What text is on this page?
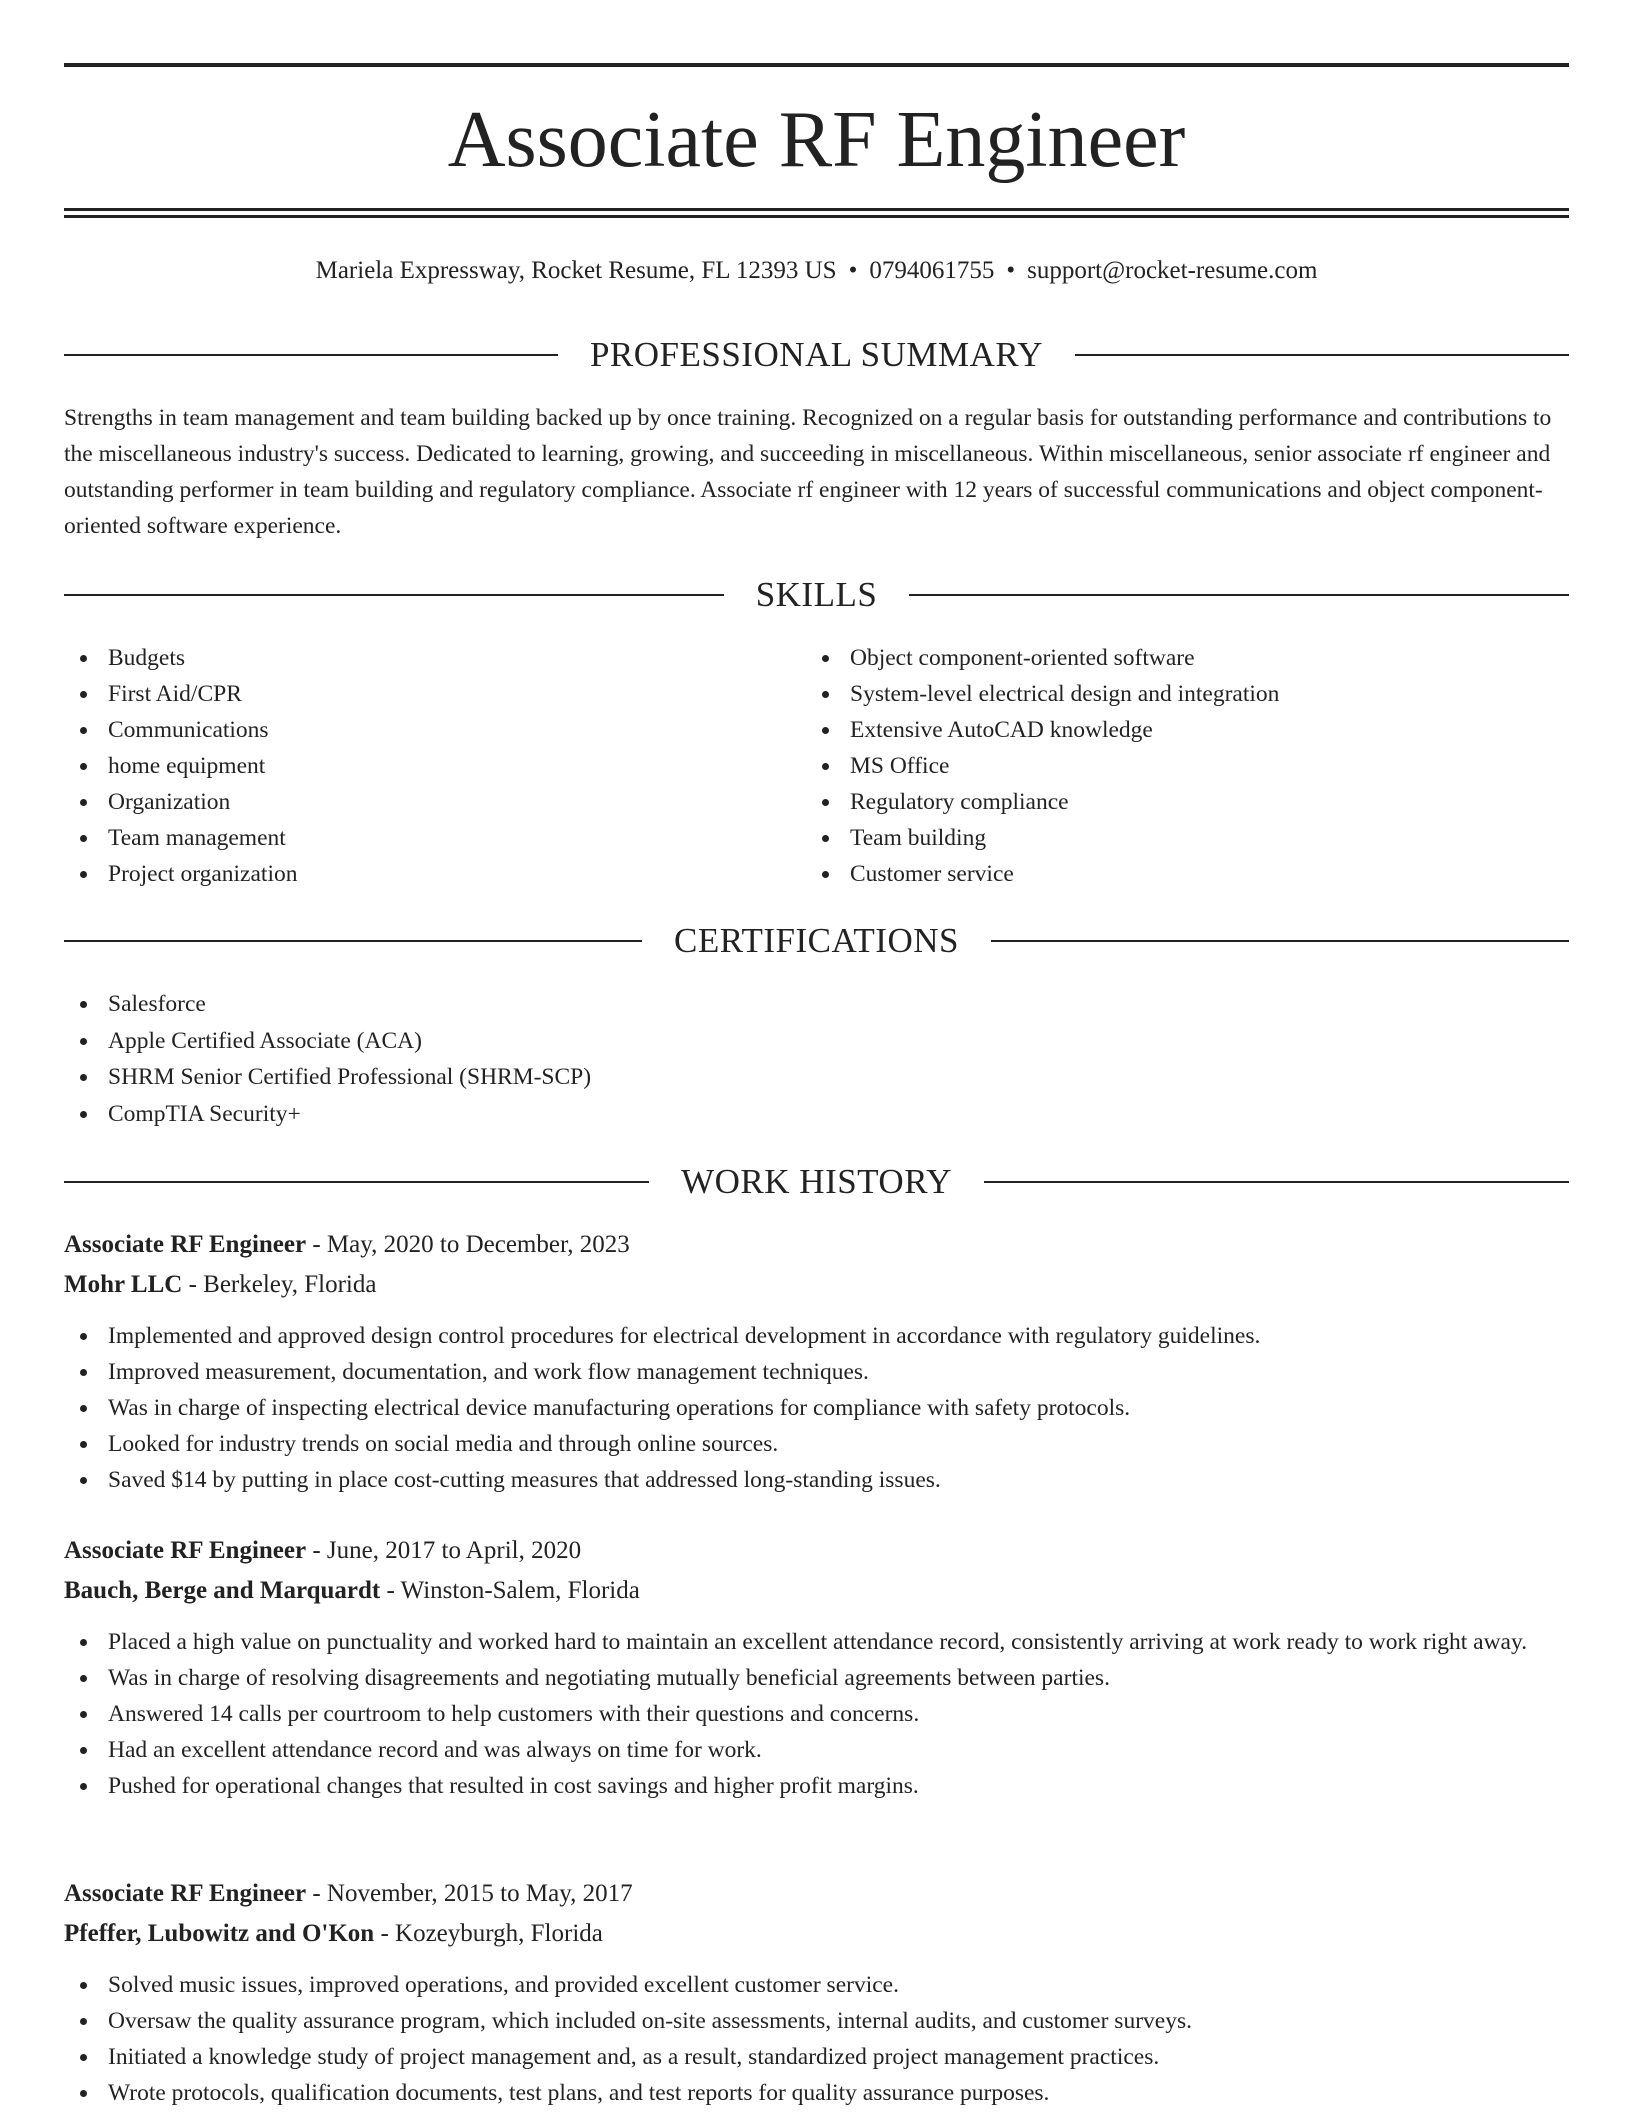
Associate RF Engineer
Mariela Expressway, Rocket Resume, FL 12393 US • 0794061755 • support@rocket-resume.com
PROFESSIONAL SUMMARY
Strengths in team management and team building backed up by once training. Recognized on a regular basis for outstanding performance and contributions to the miscellaneous industry's success. Dedicated to learning, growing, and succeeding in miscellaneous. Within miscellaneous, senior associate rf engineer and outstanding performer in team building and regulatory compliance. Associate rf engineer with 12 years of successful communications and object component-oriented software experience.
SKILLS
Budgets
First Aid/CPR
Communications
home equipment
Organization
Team management
Project organization
Object component-oriented software
System-level electrical design and integration
Extensive AutoCAD knowledge
MS Office
Regulatory compliance
Team building
Customer service
CERTIFICATIONS
Salesforce
Apple Certified Associate (ACA)
SHRM Senior Certified Professional (SHRM-SCP)
CompTIA Security+
WORK HISTORY
Associate RF Engineer - May, 2020 to December, 2023
Mohr LLC - Berkeley, Florida
Implemented and approved design control procedures for electrical development in accordance with regulatory guidelines.
Improved measurement, documentation, and work flow management techniques.
Was in charge of inspecting electrical device manufacturing operations for compliance with safety protocols.
Looked for industry trends on social media and through online sources.
Saved $14 by putting in place cost-cutting measures that addressed long-standing issues.
Associate RF Engineer - June, 2017 to April, 2020
Bauch, Berge and Marquardt - Winston-Salem, Florida
Placed a high value on punctuality and worked hard to maintain an excellent attendance record, consistently arriving at work ready to work right away.
Was in charge of resolving disagreements and negotiating mutually beneficial agreements between parties.
Answered 14 calls per courtroom to help customers with their questions and concerns.
Had an excellent attendance record and was always on time for work.
Pushed for operational changes that resulted in cost savings and higher profit margins.
Associate RF Engineer - November, 2015 to May, 2017
Pfeffer, Lubowitz and O'Kon - Kozeyburgh, Florida
Solved music issues, improved operations, and provided excellent customer service.
Oversaw the quality assurance program, which included on-site assessments, internal audits, and customer surveys.
Initiated a knowledge study of project management and, as a result, standardized project management practices.
Wrote protocols, qualification documents, test plans, and test reports for quality assurance purposes.
